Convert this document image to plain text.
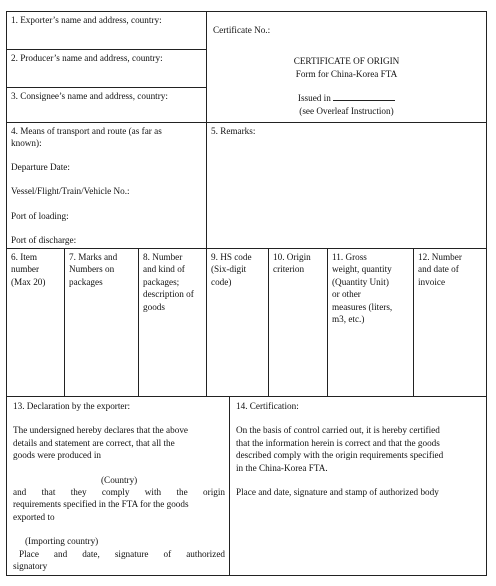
1. Exporter’s name and address, country:
2. Producer’s name and address, country:
3. Consignee’s name and address, country:
Certificate No.:
CERTIFICATE OF ORIGIN
Form for China-Korea FTA
Issued in
(see Overleaf Instruction)
4. Means of transport and route (as far as
known):
Departure Date:
Vessel/Flight/Train/Vehicle No.:
Port of loading:
Port of discharge:
5. Remarks:
6. Item
number
(Max 20)
7. Marks and
Numbers on
packages
8. Number
and kind of
packages;
description of
goods
9. HS code
(Six-digit
code)
10. Origin
criterion
11. Gross
weight, quantity
(Quantity Unit)
or other
measures (liters,
m3, etc.)
12. Number
and date of
invoice
13. Declaration by the exporter:
The undersigned hereby declares that the above
details and statement are correct, that all the
goods were produced in
(Country)
and that they comply with the origin
requirements specified in the FTA for the goods
exported to
(Importing country)
Place and date, signature of authorized
signatory
14. Certification:
On the basis of control carried out, it is hereby certified
that the information herein is correct and that the goods
described comply with the origin requirements specified
in the China-Korea FTA.
Place and date, signature and stamp of authorized body
